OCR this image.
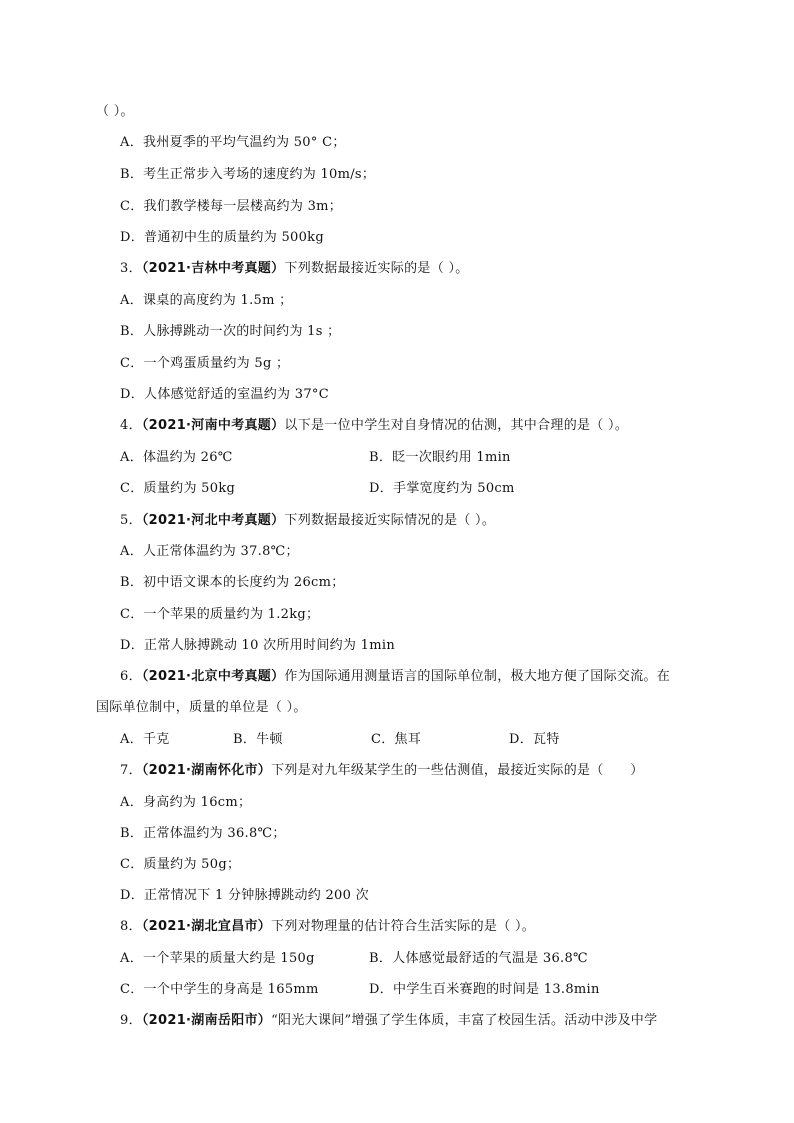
（ ）。
A．我州夏季的平均气温约为 50° C；
B．考生正常步入考场的速度约为 10m/s；
C．我们教学楼每一层楼高约为 3m；
D．普通初中生的质量约为 500kg
3．（2021·吉林中考真题）下列数据最接近实际的是（ ）。
A．课桌的高度约为 1.5m ；
B．人脉搏跳动一次的时间约为 1s ；
C．一个鸡蛋质量约为 5g ；
D．人体感觉舒适的室温约为 37°C
4．（2021·河南中考真题）以下是一位中学生对自身情况的估测，其中合理的是（ ）。
A．体温约为 26℃	B．眨一次眼约用 1min
C．质量约为 50kg	D．手掌宽度约为 50cm
5．（2021·河北中考真题）下列数据最接近实际情况的是（ ）。
A．人正常体温约为 37.8℃；
B．初中语文课本的长度约为 26cm；
C．一个苹果的质量约为 1.2kg；
D．正常人脉搏跳动 10 次所用时间约为 1min
6．（2021·北京中考真题）作为国际通用测量语言的国际单位制，极大地方便了国际交流。在
国际单位制中，质量的单位是（ ）。
A．千克	B．牛顿	C．焦耳	D．瓦特
7．（2021·湖南怀化市）下列是对九年级某学生的一些估测值，最接近实际的是（　　）
A．身高约为 16cm；
B．正常体温约为 36.8℃；
C．质量约为 50g；
D．正常情况下 1 分钟脉搏跳动约 200 次
8．（2021·湖北宜昌市）下列对物理量的估计符合生活实际的是（ ）。
A．一个苹果的质量大约是 150g	B．人体感觉最舒适的气温是 36.8℃
C．一个中学生的身高是 165mm	D．中学生百米赛跑的时间是 13.8min
9．（2021·湖南岳阳市）“阳光大课间”增强了学生体质，丰富了校园生活。活动中涉及中学
